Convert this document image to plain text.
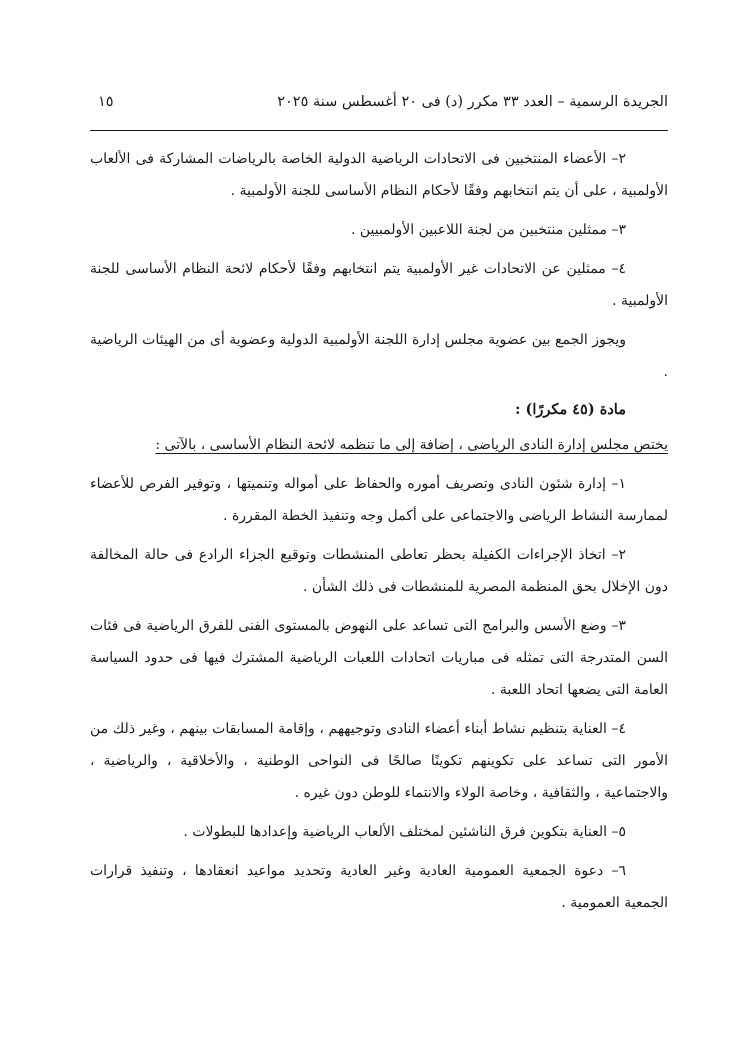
الجريدة الرسمية – العدد ٣٣ مكرر (د) فى ٢٠ أغسطس سنة ٢٠٢٥
١٥

٢– الأعضاء المنتخبين فى الاتحادات الرياضية الدولية الخاصة بالرياضات المشاركة فى الألعاب الأولمبية ، على أن يتم انتخابهم وفقًا لأحكام النظام الأساسى للجنة الأولمبية .

٣– ممثلين منتخبين من لجنة اللاعبين الأولمبيين .

٤– ممثلين عن الاتحادات غير الأولمبية يتم انتخابهم وفقًا لأحكام لائحة النظام الأساسى للجنة الأولمبية .

ويجوز الجمع بين عضوية مجلس إدارة اللجنة الأولمبية الدولية وعضوية أى من الهيئات الرياضية .

مادة (٤٥ مكررًا) :

يختص مجلس إدارة النادى الرياضى ، إضافة إلى ما تنظمه لائحة النظام الأساسى ، بالآتى :

١– إدارة شئون النادى وتصريف أموره والحفاظ على أمواله وتنميتها ، وتوفير الفرص للأعضاء لممارسة النشاط الرياضى والاجتماعى على أكمل وجه وتنفيذ الخطة المقررة .

٢– اتخاذ الإجراءات الكفيلة بحظر تعاطى المنشطات وتوقيع الجزاء الرادع فى حالة المخالفة دون الإخلال بحق المنظمة المصرية للمنشطات فى ذلك الشأن .

٣– وضع الأسس والبرامج التى تساعد على النهوض بالمستوى الفنى للفرق الرياضية فى فئات السن المتدرجة التى تمثله فى مباريات اتحادات اللعبات الرياضية المشترك فيها فى حدود السياسة العامة التى يضعها اتحاد اللعبة .

٤– العناية بتنظيم نشاط أبناء أعضاء النادى وتوجيههم ، وإقامة المسابقات بينهم ، وغير ذلك من الأمور التى تساعد على تكوينهم تكوينًا صالحًا فى النواحى الوطنية ، والأخلاقية ، والرياضية ، والاجتماعية ، والثقافية ، وخاصة الولاء والانتماء للوطن دون غيره .

٥– العناية بتكوين فرق الناشئين لمختلف الألعاب الرياضية وإعدادها للبطولات .

٦– دعوة الجمعية العمومية العادية وغير العادية وتحديد مواعيد انعقادها ، وتنفيذ قرارات الجمعية العمومية .
